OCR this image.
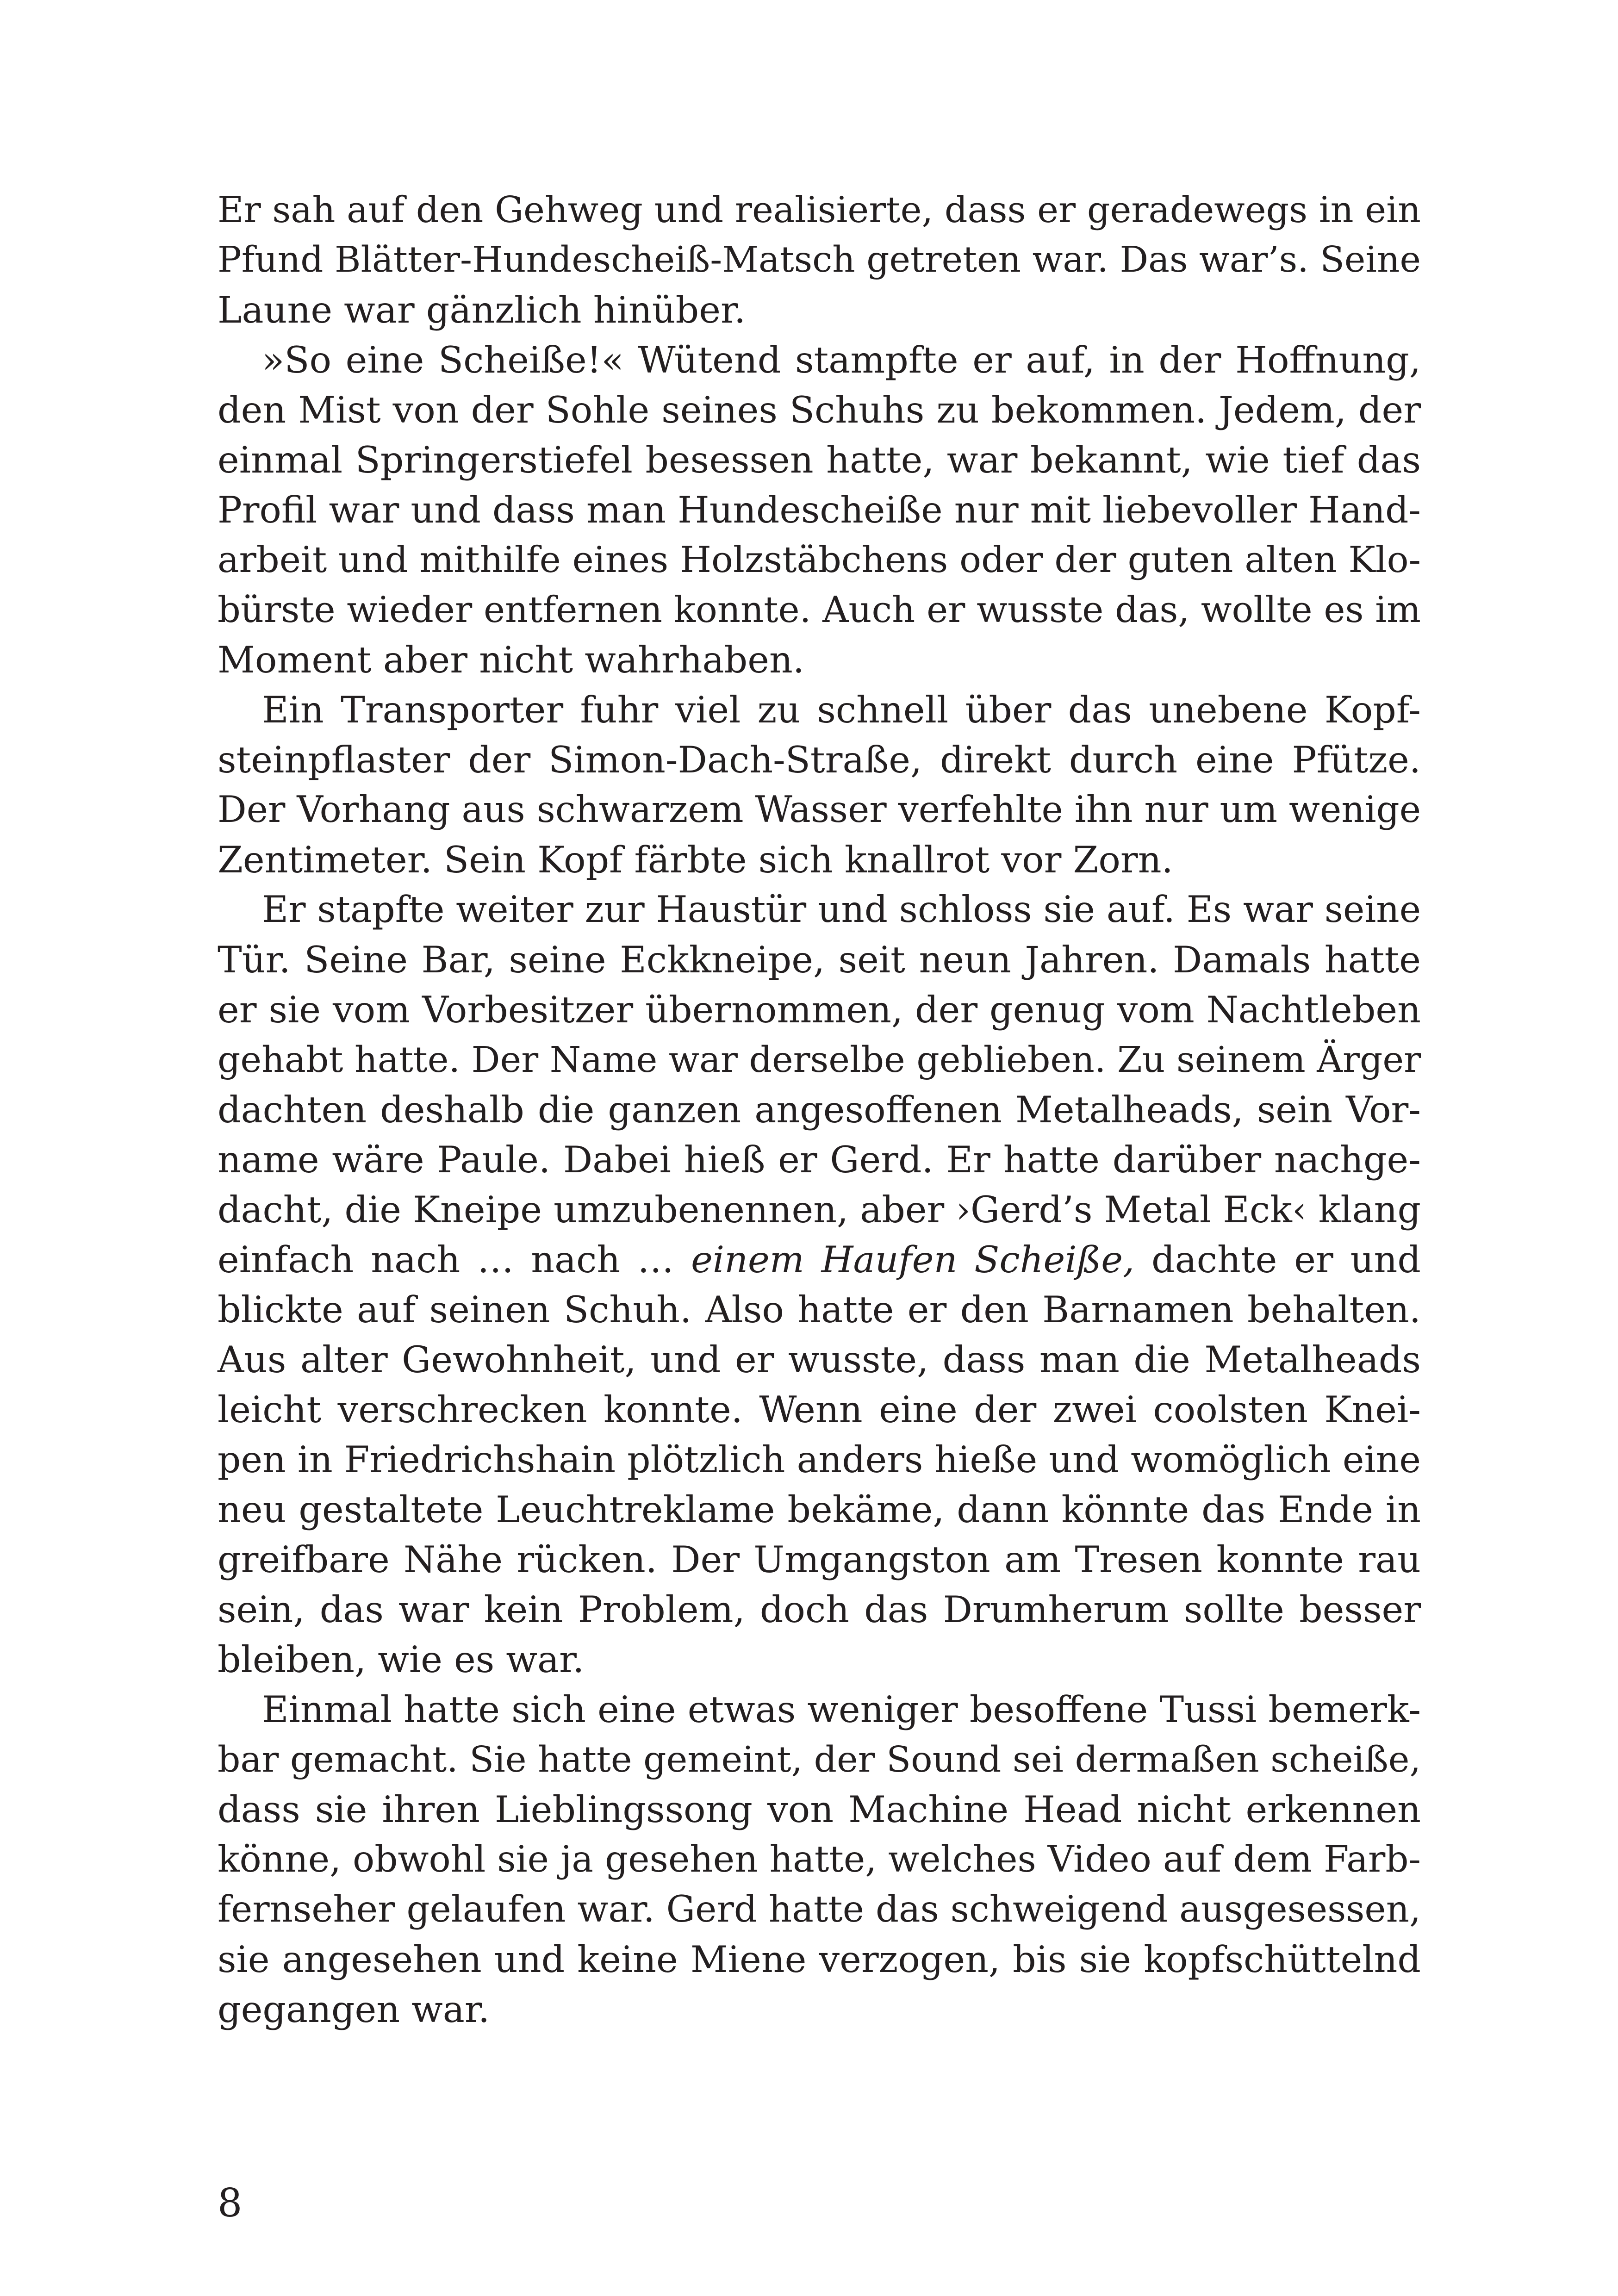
Er sah auf den Gehweg und realisierte, dass er geradewegs in ein
Pfund Blätter-Hundescheiß-Matsch getreten war. Das war’s. Seine
Laune war gänzlich hinüber.
»So eine Scheiße!« Wütend stampfte er auf, in der Hoffnung,
den Mist von der Sohle seines Schuhs zu bekommen. Jedem, der
einmal Springerstiefel besessen hatte, war bekannt, wie tief das
Profil war und dass man Hundescheiße nur mit liebevoller Hand-
arbeit und mithilfe eines Holzstäbchens oder der guten alten Klo-
bürste wieder entfernen konnte. Auch er wusste das, wollte es im
Moment aber nicht wahrhaben.
Ein Transporter fuhr viel zu schnell über das unebene Kopf-
steinpflaster der Simon-Dach-Straße, direkt durch eine Pfütze.
Der Vorhang aus schwarzem Wasser verfehlte ihn nur um wenige
Zentimeter. Sein Kopf färbte sich knallrot vor Zorn.
Er stapfte weiter zur Haustür und schloss sie auf. Es war seine
Tür. Seine Bar, seine Eckkneipe, seit neun Jahren. Damals hatte
er sie vom Vorbesitzer übernommen, der genug vom Nachtleben
gehabt hatte. Der Name war derselbe geblieben. Zu seinem Ärger
dachten deshalb die ganzen angesoffenen Metalheads, sein Vor-
name wäre Paule. Dabei hieß er Gerd. Er hatte darüber nachge-
dacht, die Kneipe umzubenennen, aber ›Gerd’s Metal Eck‹ klang
einfach nach … nach … einem Haufen Scheiße, dachte er und
blickte auf seinen Schuh. Also hatte er den Barnamen behalten.
Aus alter Gewohnheit, und er wusste, dass man die Metalheads
leicht verschrecken konnte. Wenn eine der zwei coolsten Knei-
pen in Friedrichshain plötzlich anders hieße und womöglich eine
neu gestaltete Leuchtreklame bekäme, dann könnte das Ende in
greifbare Nähe rücken. Der Umgangston am Tresen konnte rau
sein, das war kein Problem, doch das Drumherum sollte besser
bleiben, wie es war.
Einmal hatte sich eine etwas weniger besoffene Tussi bemerk-
bar gemacht. Sie hatte gemeint, der Sound sei dermaßen scheiße,
dass sie ihren Lieblingssong von Machine Head nicht erkennen
könne, obwohl sie ja gesehen hatte, welches Video auf dem Farb-
fernseher gelaufen war. Gerd hatte das schweigend ausgesessen,
sie angesehen und keine Miene verzogen, bis sie kopfschüttelnd
gegangen war.
8
